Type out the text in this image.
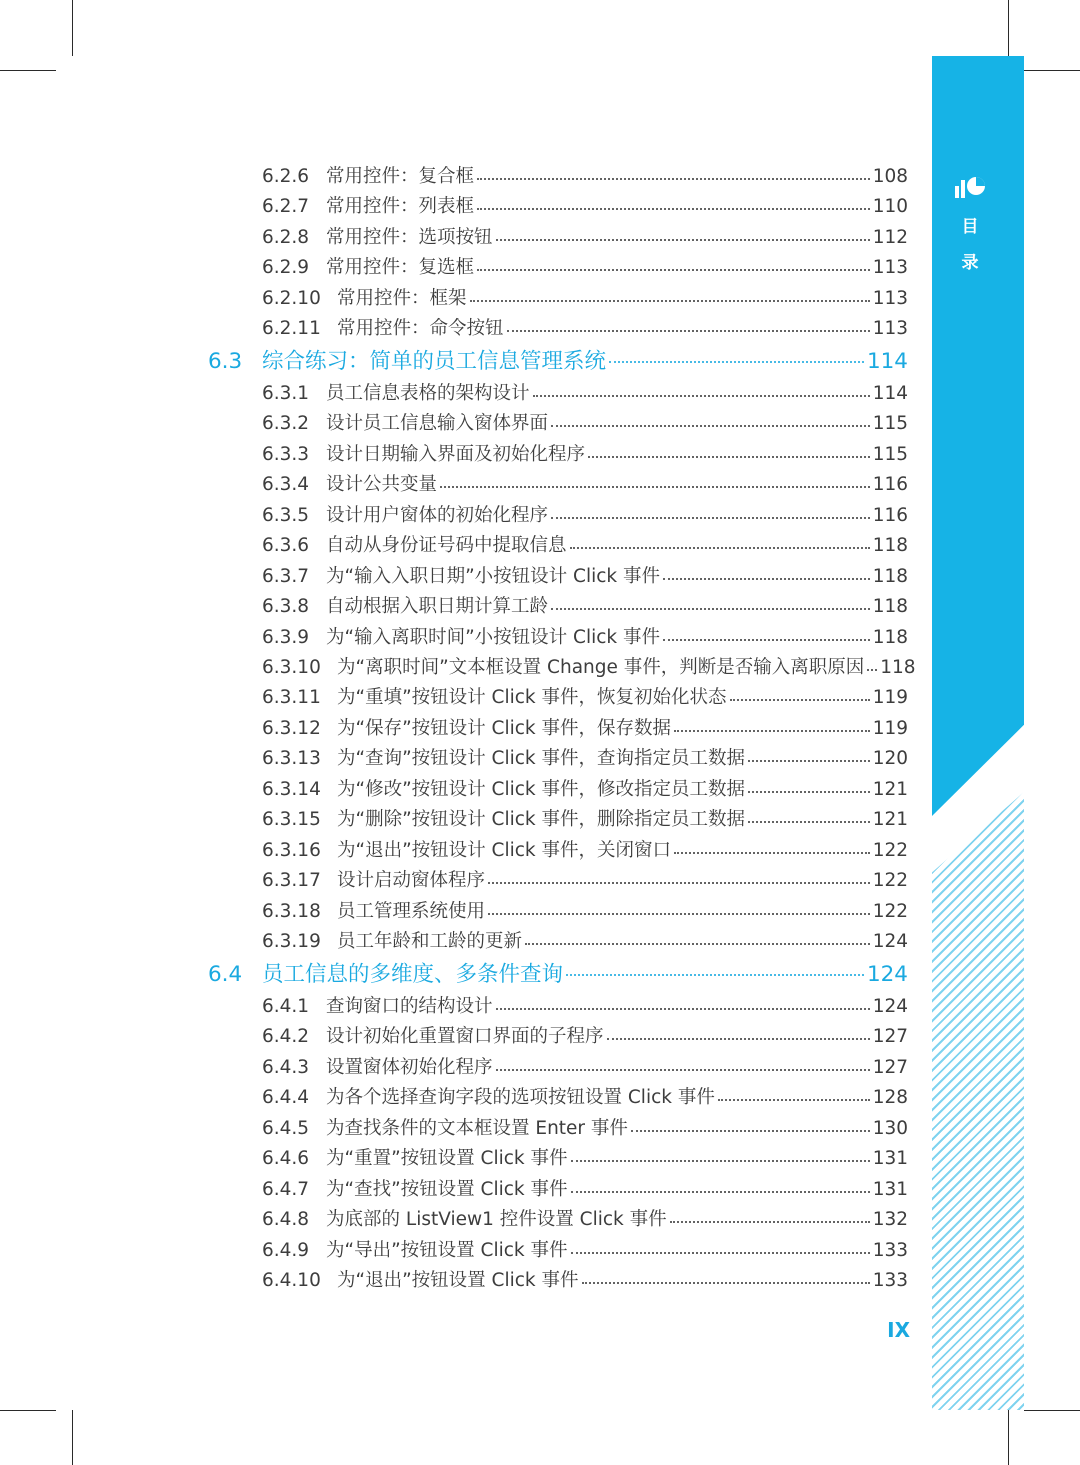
目
录
6.2.6 常用控件：复合框	108
6.2.7 常用控件：列表框	110
6.2.8 常用控件：选项按钮	112
6.2.9 常用控件：复选框	113
6.2.10 常用控件：框架	113
6.2.11 常用控件：命令按钮	113
6.3 综合练习：简单的员工信息管理系统	114
6.3.1 员工信息表格的架构设计	114
6.3.2 设计员工信息输入窗体界面	115
6.3.3 设计日期输入界面及初始化程序	115
6.3.4 设计公共变量	116
6.3.5 设计用户窗体的初始化程序	116
6.3.6 自动从身份证号码中提取信息	118
6.3.7 为“输入入职日期”小按钮设计 Click 事件	118
6.3.8 自动根据入职日期计算工龄	118
6.3.9 为“输入离职时间”小按钮设计 Click 事件	118
6.3.10 为“离职时间”文本框设置 Change 事件，判断是否输入离职原因 118
6.3.11 为“重填”按钮设计 Click 事件，恢复初始化状态	119
6.3.12 为“保存”按钮设计 Click 事件，保存数据	119
6.3.13 为“查询”按钮设计 Click 事件，查询指定员工数据	120
6.3.14 为“修改”按钮设计 Click 事件，修改指定员工数据	121
6.3.15 为“删除”按钮设计 Click 事件，删除指定员工数据	121
6.3.16 为“退出”按钮设计 Click 事件，关闭窗口	122
6.3.17 设计启动窗体程序	122
6.3.18 员工管理系统使用	122
6.3.19 员工年龄和工龄的更新	124
6.4 员工信息的多维度、多条件查询	124
6.4.1 查询窗口的结构设计	124
6.4.2 设计初始化重置窗口界面的子程序	127
6.4.3 设置窗体初始化程序	127
6.4.4 为各个选择查询字段的选项按钮设置 Click 事件	128
6.4.5 为查找条件的文本框设置 Enter 事件	130
6.4.6 为“重置”按钮设置 Click 事件	131
6.4.7 为“查找”按钮设置 Click 事件	131
6.4.8 为底部的 ListView1 控件设置 Click 事件	132
6.4.9 为“导出”按钮设置 Click 事件	133
6.4.10 为“退出”按钮设置 Click 事件	133
IX
